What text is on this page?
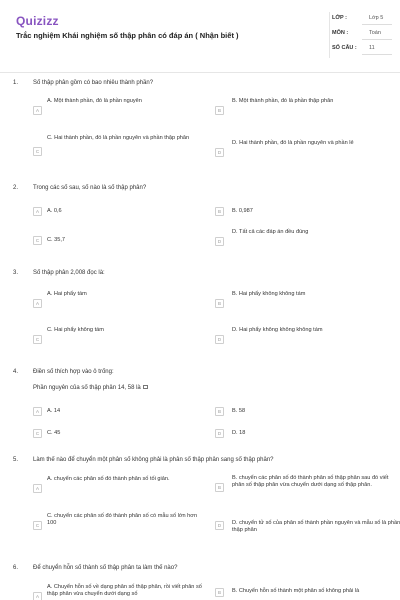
Quizizz
Trắc nghiệm Khái nghiệm số thập phân có đáp án ( Nhận biết )
LỚP :	Lớp 5
MÔN :	Toán
SỐ CÂU : 11
1. Số thập phân gồm có bao nhiêu thành phần?
A
A. Một thành phần, đó là phần nguyên
B
B. Một thành phần, đó là phần thập phân
C
C. Hai thành phần, đó là phần nguyên và phần thập phân
D
D. Hai thành phần, đó là phần nguyên và phần lẻ
2. Trong các số sau, số nào là số thập phân?
A	A. 0,6	B	B. 0,987
C	C. 35,7	D
D. Tất cả các đáp án đều đúng
3. Số thập phân 2,008 đọc là:
A
A. Hai phẩy tám
B
B. Hai phẩy không không tám
C
C. Hai phẩy không tám
D
D. Hai phẩy không không không tám
4. Điền số thích hợp vào ô trống:
Phần nguyên của số thập phân 14, 58 là
A	A. 14	B	B. 58
C	C. 45	D	D. 18
5. Làm thế nào để chuyển một phân số không phải là phân số thập phân sang số thập phân?
A
A. chuyển các phân số đó thành phân số tối giản.
B
B. chuyển các phân số đó thành phân số thập phân sau đó viết phân số thập phân vừa chuyển dưới dạng số thập phân.
C
C. chuyển các phân số đó thành phân số có mẫu số lớn hơn 100	D	D. chuyển tử số của phân số thành phần nguyên và mẫu số là phần thập phân
6. Để chuyển hỗn số thành số thập phân ta làm thế nào?
A
A. Chuyển hỗn số về dạng phân số thập phân, rồi viết phân số thập phân vừa chuyển dưới dạng số	B	B. Chuyển hỗn số thành một phân số không phải là
